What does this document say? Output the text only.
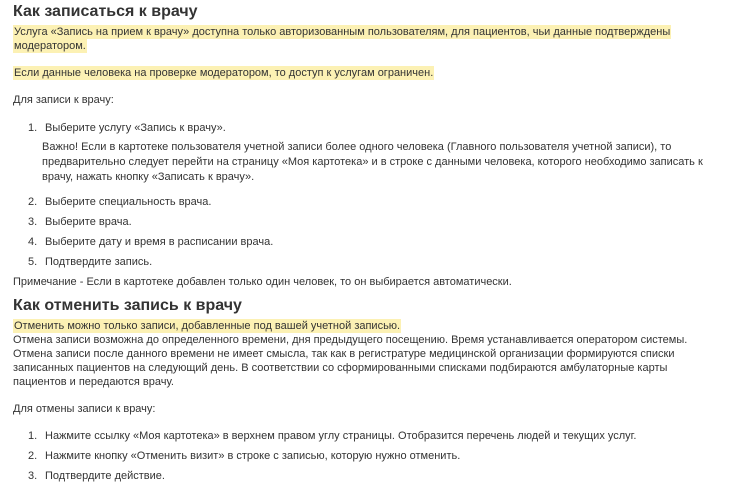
Как записаться к врачу
Услуга «Запись на прием к врачу» доступна только авторизованным пользователям, для пациентов, чьи данные подтверждены
модератором.
Если данные человека на проверке модератором, то доступ к услугам ограничен.
Для записи к врачу:
1. Выберите услугу «Запись к врачу».
Важно! Если в картотеке пользователя учетной записи более одного человека (Главного пользователя учетной записи), то
предварительно следует перейти на страницу «Моя картотека» и в строке с данными человека, которого необходимо записать к
врачу, нажать кнопку «Записать к врачу».
2. Выберите специальность врача.
3. Выберите врача.
4. Выберите дату и время в расписании врача.
5. Подтвердите запись.
Примечание - Если в картотеке добавлен только один человек, то он выбирается автоматически.
Как отменить запись к врачу
Отменить можно только записи, добавленные под вашей учетной записью.
Отмена записи возможна до определенного времени, дня предыдущего посещению. Время устанавливается оператором системы.
Отмена записи после данного времени не имеет смысла, так как в регистратуре медицинской организации формируются списки
записанных пациентов на следующий день. В соответствии со сформированными списками подбираются амбулаторные карты
пациентов и передаются врачу.
Для отмены записи к врачу:
1. Нажмите ссылку «Моя картотека» в верхнем правом углу страницы. Отобразится перечень людей и текущих услуг.
2. Нажмите кнопку «Отменить визит» в строке с записью, которую нужно отменить.
3. Подтвердите действие.
